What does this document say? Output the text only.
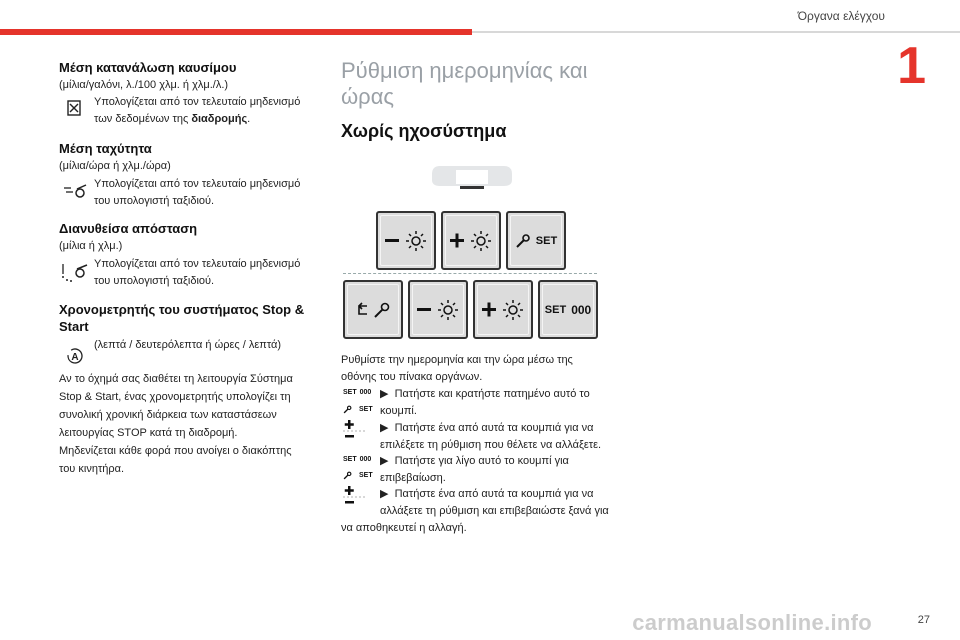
Όργανα ελέγχου
1
carmanualsonline.info	27
Μέση κατανάλωση καυσίμου
(μίλια/γαλόνι, λ./100 χλμ. ή χλμ./λ.)
Υπολογίζεται από τον τελευταίο μηδενισμό των δεδομένων της διαδρομής.
Μέση ταχύτητα
(μίλια/ώρα ή χλμ./ώρα)
Υπολογίζεται από τον τελευταίο μηδενισμό του υπολογιστή ταξιδιού.
Διανυθείσα απόσταση
(μίλια ή χλμ.)
Υπολογίζεται από τον τελευταίο μηδενισμό του υπολογιστή ταξιδιού.
Χρονομετρητής του συστήματος Stop & Start
A
(λεπτά / δευτερόλεπτα ή ώρες / λεπτά)
Αν το όχημά σας διαθέτει τη λειτουργία Σύστημα Stop & Start, ένας χρονομετρητής υπολογίζει τη συνολική χρονική διάρκεια των καταστάσεων λειτουργίας STOP κατά τη διαδρομή.
Μηδενίζεται κάθε φορά που ανοίγει ο διακόπτης του κινητήρα.
Ρύθμιση ημερομηνίας και ώρας
Χωρίς ηχοσύστημα
SET
SET 000
Ρυθμίστε την ημερομηνία και την ώρα μέσω της οθόνης του πίνακα οργάνων.
SET 000
SET
▶  Πατήστε και κρατήστε πατημένο αυτό το
κουμπί.
▶  Πατήστε ένα από αυτά τα κουμπιά για να
επιλέξετε τη ρύθμιση που θέλετε να αλλάξετε.
SET 000
SET
▶  Πατήστε για λίγο αυτό το κουμπί για
επιβεβαίωση.
▶  Πατήστε ένα από αυτά τα κουμπιά για να
αλλάξετε τη ρύθμιση και επιβεβαιώστε ξανά για
να αποθηκευτεί η αλλαγή.
